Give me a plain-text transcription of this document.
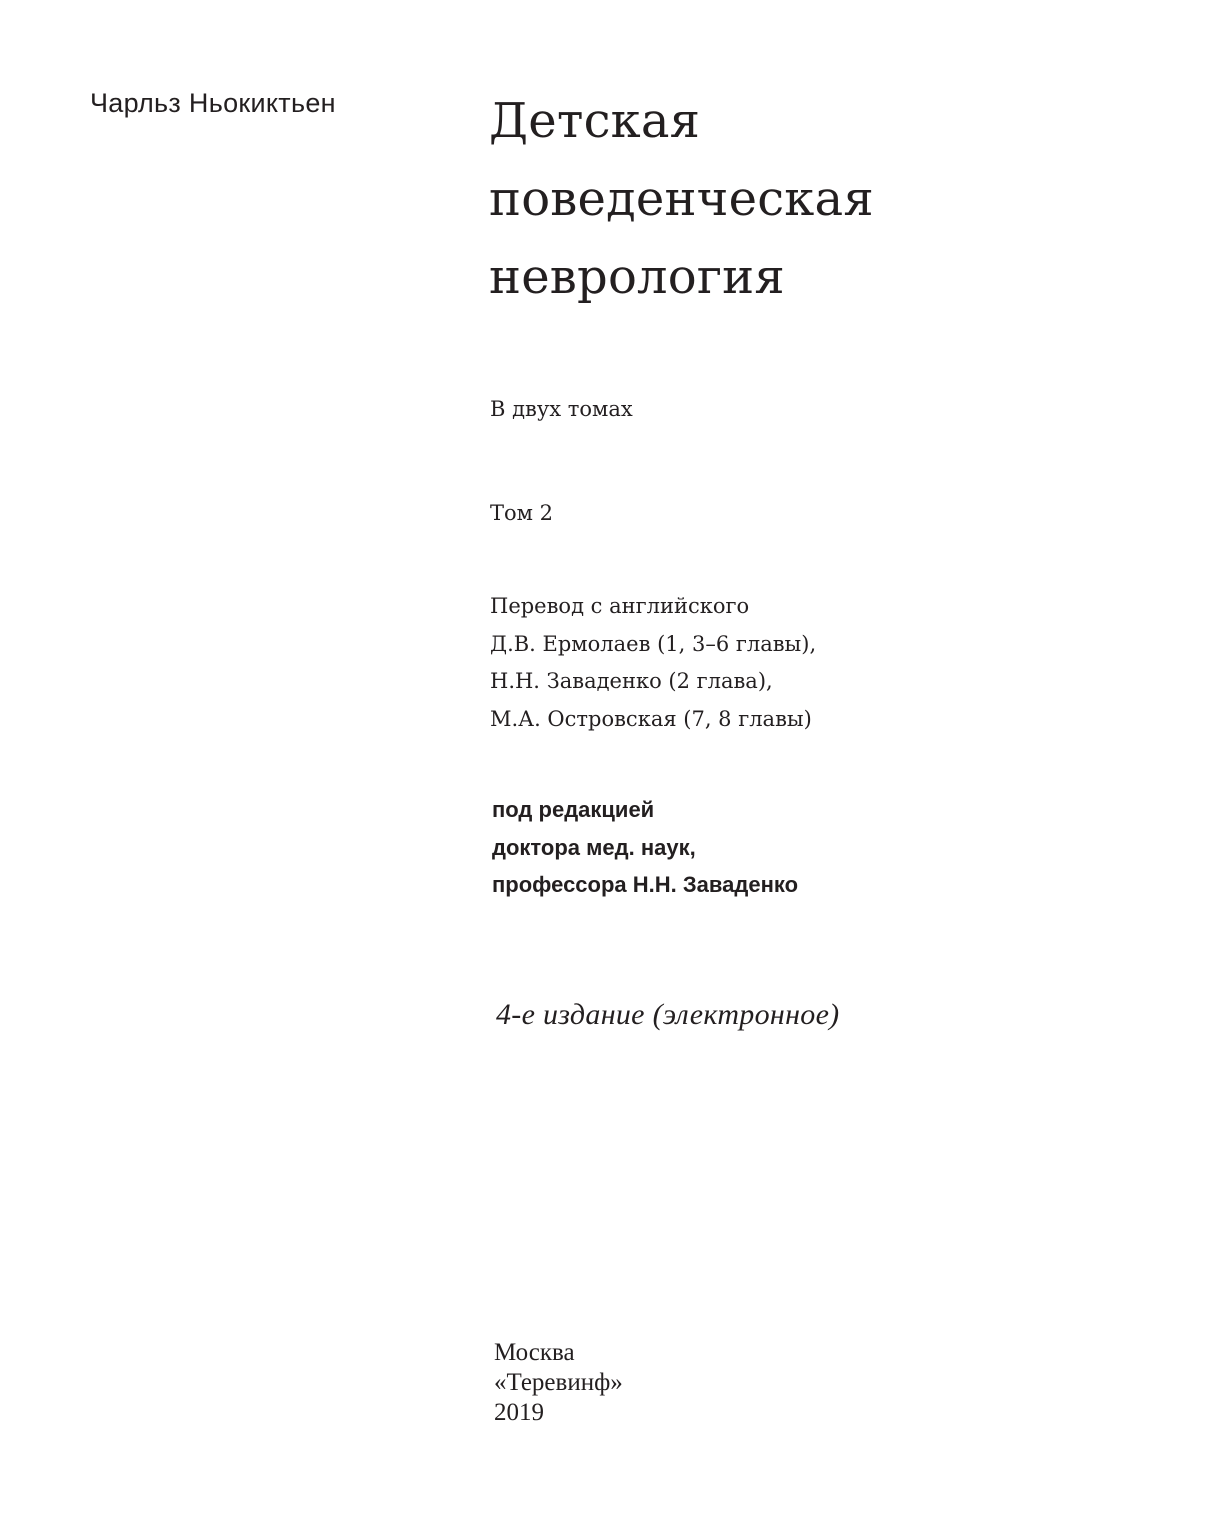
Чарльз Ньокиктьен	Детская
поведенческая
неврология
В двух томах
Том 2
Перевод с английского
Д.В. Ермолаев (1, 3–6 главы),
Н.Н. Заваденко (2 глава),
М.А. Островская (7, 8 главы)
под редакцией
доктора мед. наук,
профессора Н.Н. Заваденко
4-е издание (электронное)
Москва
«Теревинф»
2019
